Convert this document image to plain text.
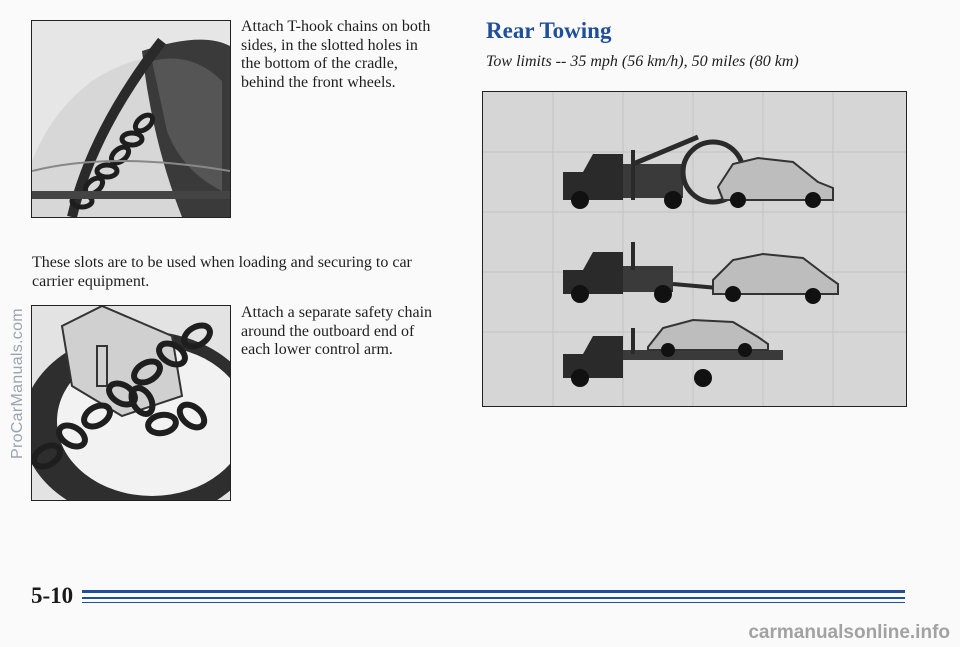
Attach T-hook chains on both sides, in the slotted holes in the bottom of the cradle, behind the front wheels.

These slots are to be used when loading and securing to car carrier equipment.

Attach a separate safety chain around the outboard end of each lower control arm.

Rear Towing

Tow limits -- 35 mph (56 km/h), 50 miles (80 km)

5-10

ProCarManuals.com

carmanualsonline.info
